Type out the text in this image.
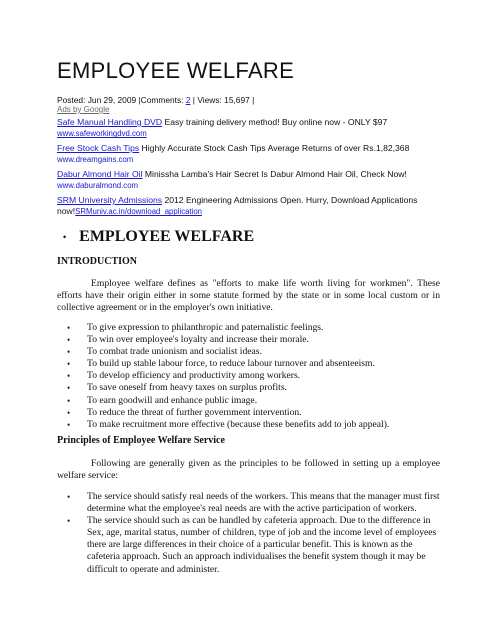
EMPLOYEE WELFARE
Posted: Jun 29, 2009 |Comments: 2 | Views: 15,697 |
Ads by Google
Safe Manual Handling DVD Easy training delivery method! Buy online now - ONLY $97 www.safeworkingdvd.com
Free Stock Cash Tips Highly Accurate Stock Cash Tips Average Returns of over Rs.1,82,368 www.dreamgains.com
Dabur Almond Hair Oil Minissha Lamba's Hair Secret Is Dabur Almond Hair Oil, Check Now! www.daburalmond.com
SRM University Admissions 2012 Engineering Admissions Open. Hurry, Download Applications now!SRMuniv.ac.in/download_application
• EMPLOYEE WELFARE
INTRODUCTION
Employee welfare defines as "efforts to make life worth living for workmen". These efforts have their origin either in some statute formed by the state or in some local custom or in collective agreement or in the employer's own initiative.
• To give expression to philanthropic and paternalistic feelings.
• To win over employee's loyalty and increase their morale.
• To combat trade unionism and socialist ideas.
• To build up stable labour force, to reduce labour turnover and absenteeism.
• To develop efficiency and productivity among workers.
• To save oneself from heavy taxes on surplus profits.
• To earn goodwill and enhance public image.
• To reduce the threat of further government intervention.
• To make recruitment more effective (because these benefits add to job appeal).
Principles of Employee Welfare Service
Following are generally given as the principles to be followed in setting up a employee welfare service:
• The service should satisfy real needs of the workers. This means that the manager must first determine what the employee's real needs are with the active participation of workers.
• The service should such as can be handled by cafeteria approach. Due to the difference in Sex, age, marital status, number of children, type of job and the income level of employees there are large differences in their choice of a particular benefit. This is known as the cafeteria approach. Such an approach individualises the benefit system though it may be difficult to operate and administer.
